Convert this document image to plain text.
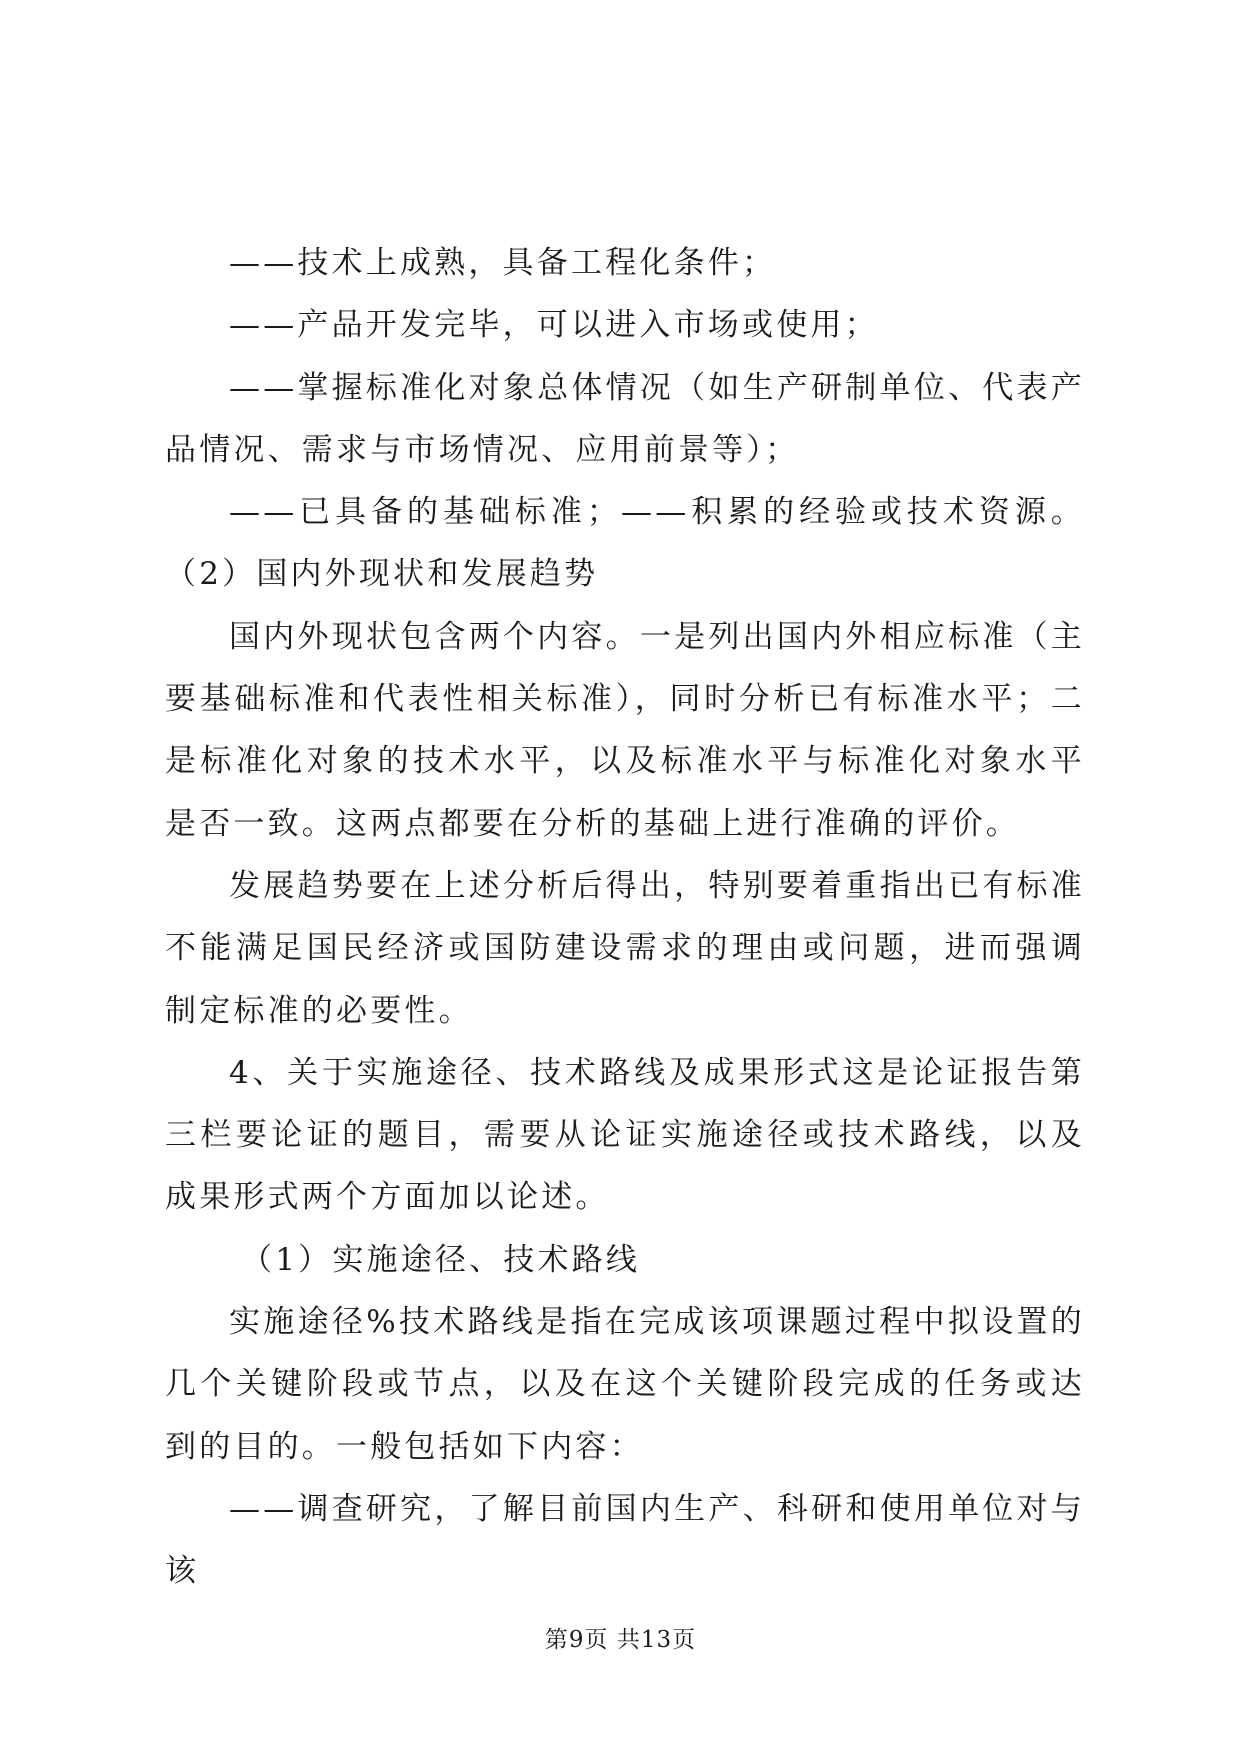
——技术上成熟，具备工程化条件；

——产品开发完毕，可以进入市场或使用；

——掌握标准化对象总体情况（如生产研制单位、代表产品情况、需求与市场情况、应用前景等）；

——已具备的基础标准；——积累的经验或技术资源。（2）国内外现状和发展趋势

国内外现状包含两个内容。一是列出国内外相应标准（主要基础标准和代表性相关标准），同时分析已有标准水平；二是标准化对象的技术水平，以及标准水平与标准化对象水平是否一致。这两点都要在分析的基础上进行准确的评价。

发展趋势要在上述分析后得出，特别要着重指出已有标准不能满足国民经济或国防建设需求的理由或问题，进而强调制定标准的必要性。

4、关于实施途径、技术路线及成果形式这是论证报告第三栏要论证的题目，需要从论证实施途径或技术路线，以及成果形式两个方面加以论述。

（1）实施途径、技术路线

实施途径%技术路线是指在完成该项课题过程中拟设置的几个关键阶段或节点，以及在这个关键阶段完成的任务或达到的目的。一般包括如下内容：

——调查研究，了解目前国内生产、科研和使用单位对与该

第9页 共13页
